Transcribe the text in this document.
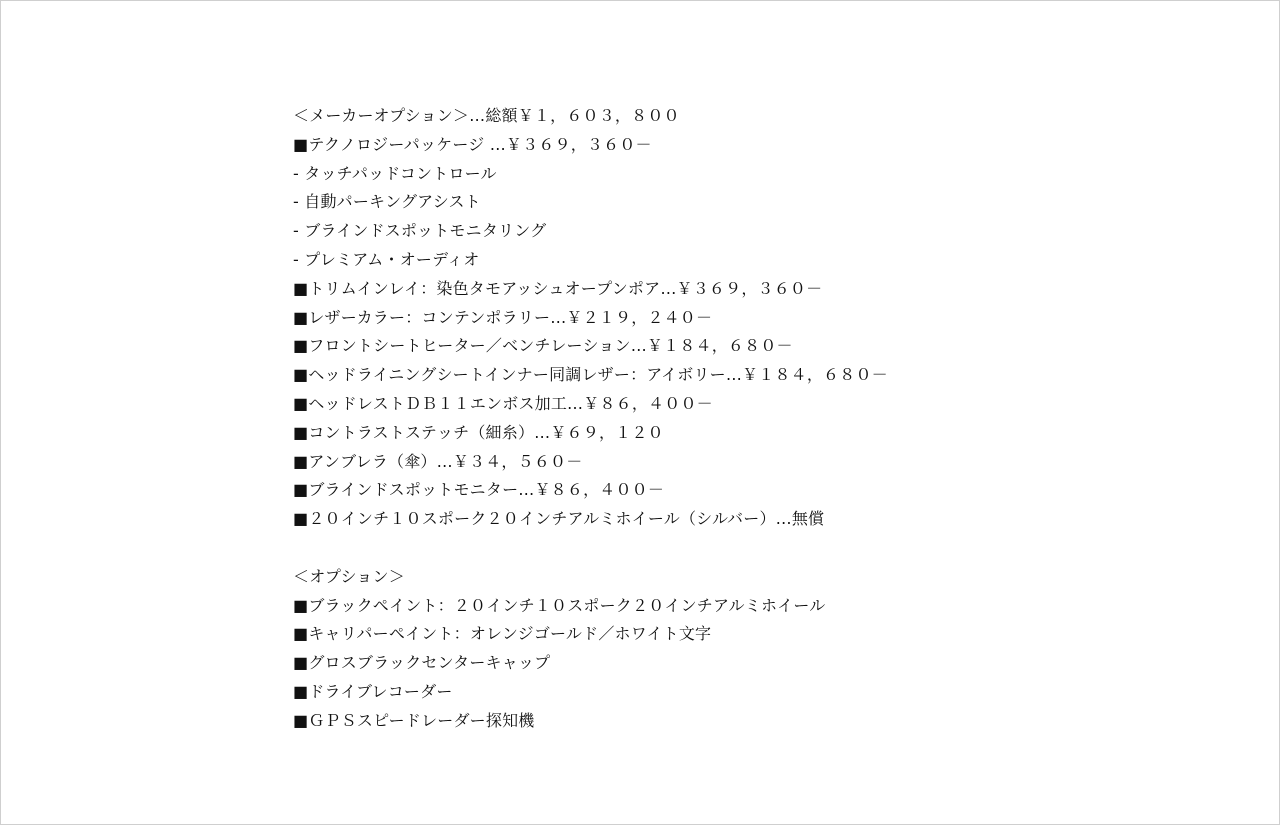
＜メーカーオプション＞…総額￥１，６０３，８００
■テクノロジーパッケージ …￥３６９，３６０－
- タッチパッドコントロール
- 自動パーキングアシスト
- ブラインドスポットモニタリング
- プレミアム・オーディオ
■トリムインレイ：染色タモアッシュオープンポア…￥３６９，３６０－
■レザーカラー：コンテンポラリー…￥２１９，２４０－
■フロントシートヒーター／ベンチレーション…￥１８４，６８０－
■ヘッドライニングシートインナー同調レザー：アイボリー…￥１８４，６８０－
■ヘッドレストＤＢ１１エンボス加工…￥８６，４００－
■コントラストステッチ（細糸）…￥６９，１２０
■アンブレラ（傘）…￥３４，５６０－
■ブラインドスポットモニター…￥８６，４００－
■２０インチ１０スポーク２０インチアルミホイール（シルバー）…無償
＜オプション＞
■ブラックペイント：２０インチ１０スポーク２０インチアルミホイール
■キャリパーペイント：オレンジゴールド／ホワイト文字
■グロスブラックセンターキャップ
■ドライブレコーダー
■ＧＰＳスピードレーダー探知機
